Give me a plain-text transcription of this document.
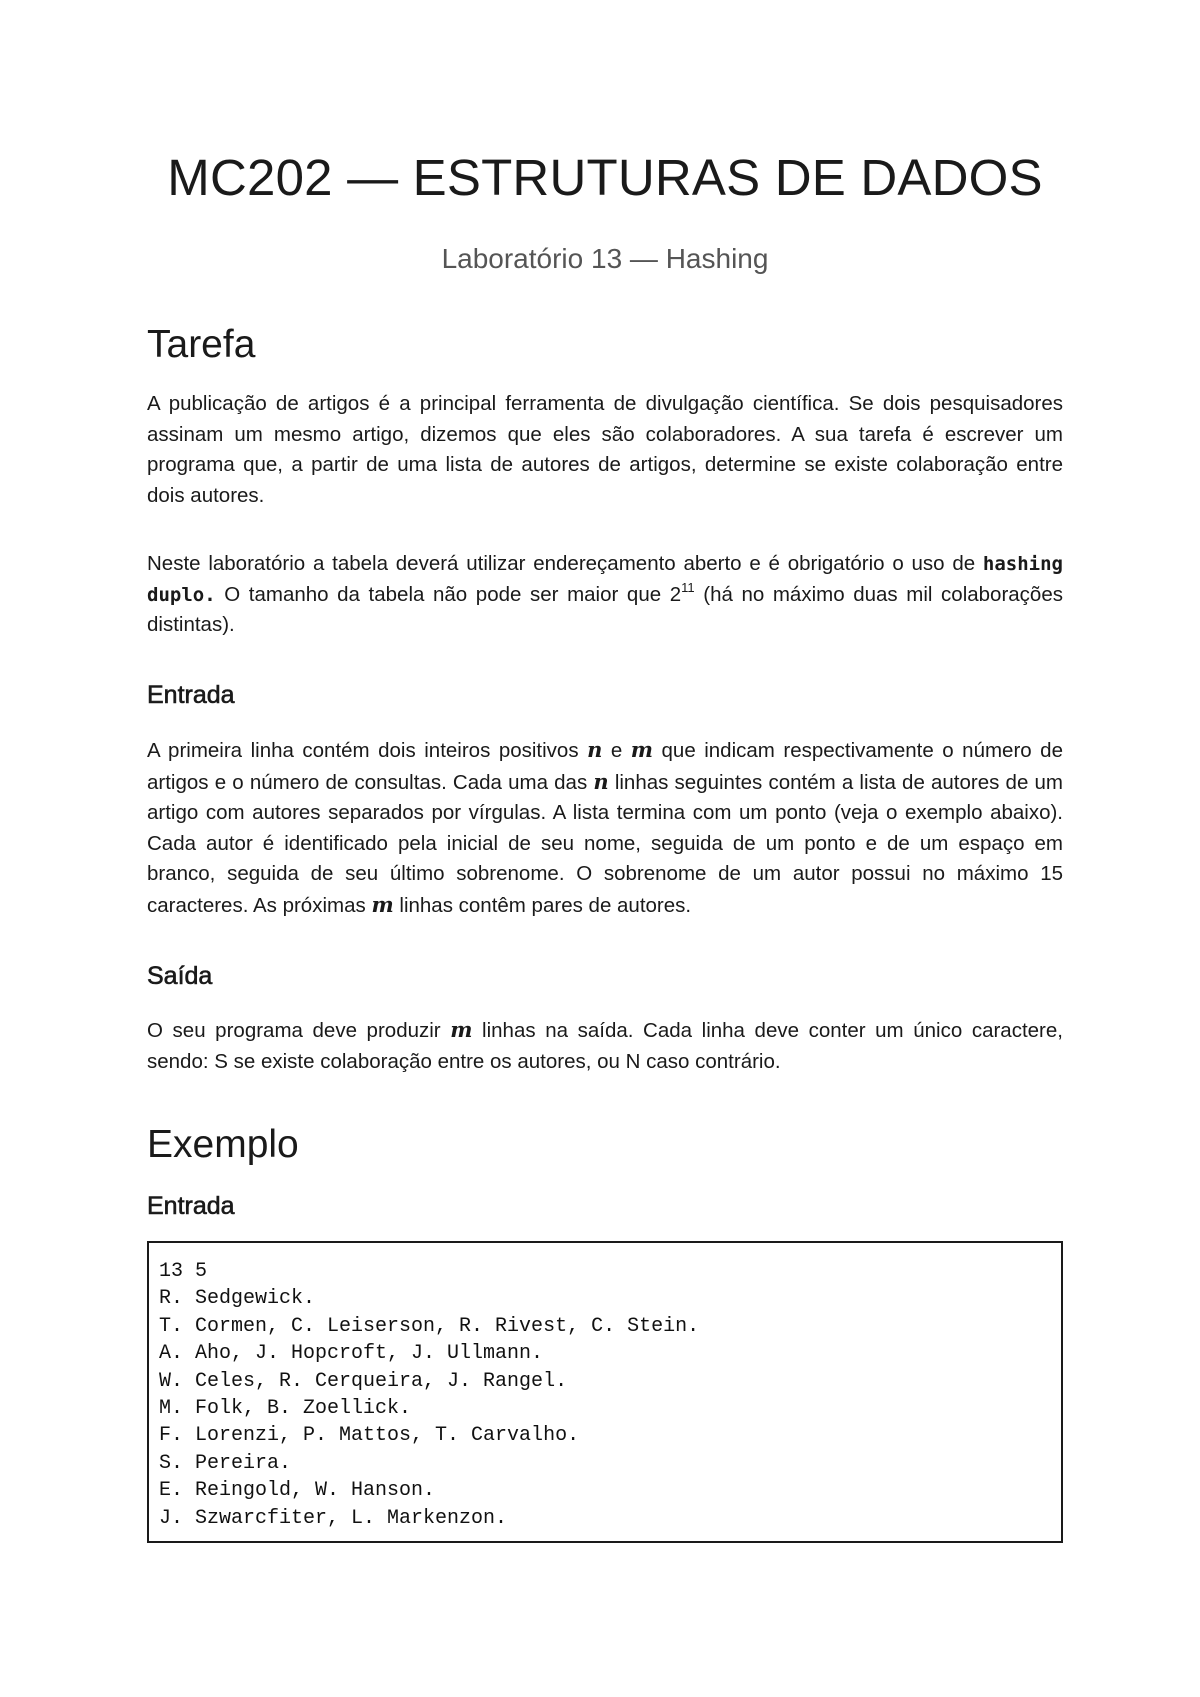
MC202 — ESTRUTURAS DE DADOS
Laboratório 13 — Hashing
Tarefa

A publicação de artigos é a principal ferramenta de divulgação científica. Se dois pesquisadores assinam um mesmo artigo, dizemos que eles são colaboradores. A sua tarefa é escrever um programa que, a partir de uma lista de autores de artigos, determine se existe colaboração entre dois autores.

Neste laboratório a tabela deverá utilizar endereçamento aberto e é obrigatório o uso de hashing duplo. O tamanho da tabela não pode ser maior que $2^{11}$ (há no máximo duas mil colaborações distintas).

Entrada

A primeira linha contém dois inteiros positivos n e m que indicam respectivamente o número de artigos e o número de consultas. Cada uma das n linhas seguintes contém a lista de autores de um artigo com autores separados por vírgulas. A lista termina com um ponto (veja o exemplo abaixo). Cada autor é identificado pela inicial de seu nome, seguida de um ponto e de um espaço em branco, seguida de seu último sobrenome. O sobrenome de um autor possui no máximo 15 caracteres. As próximas m linhas contêm pares de autores.

Saída

O seu programa deve produzir m linhas na saída. Cada linha deve conter um único caractere, sendo: S se existe colaboração entre os autores, ou N caso contrário.

Exemplo
Entrada
13 5
R. Sedgewick.
T. Cormen, C. Leiserson, R. Rivest, C. Stein.
A. Aho, J. Hopcroft, J. Ullmann.
W. Celes, R. Cerqueira, J. Rangel.
M. Folk, B. Zoellick.
F. Lorenzi, P. Mattos, T. Carvalho.
S. Pereira.
E. Reingold, W. Hanson.
J. Szwarcfiter, L. Markenzon.
